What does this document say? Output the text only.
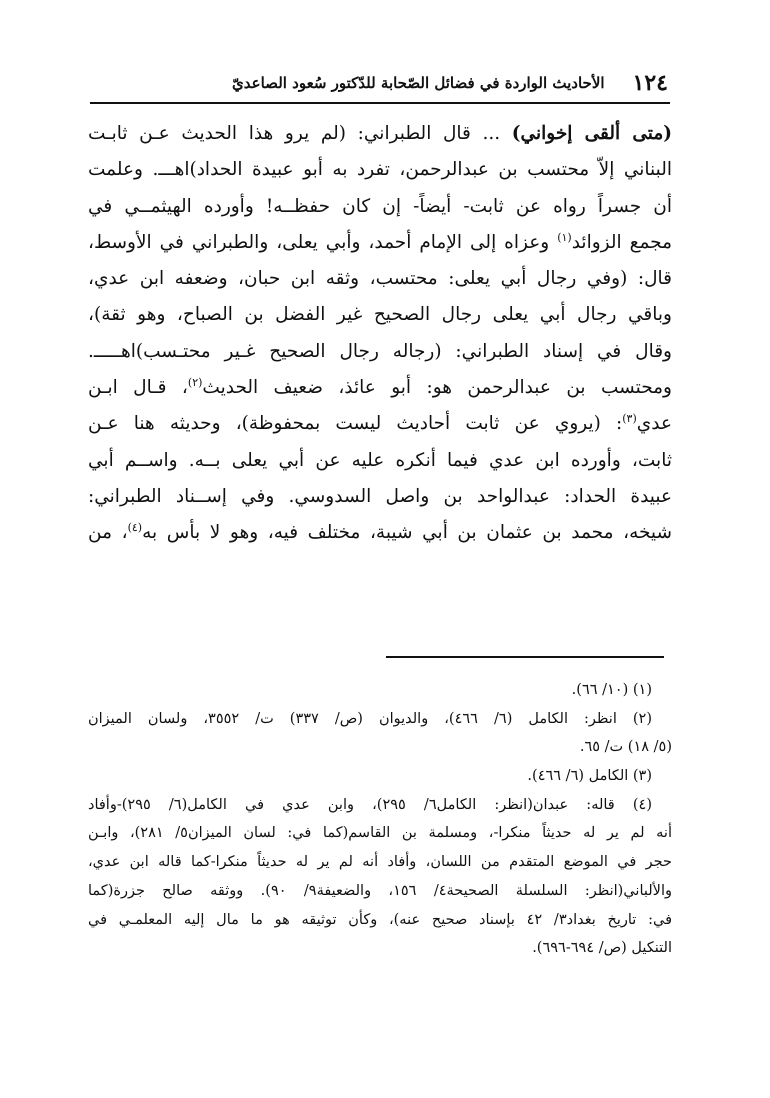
١٢٤
الأحاديث الواردة في فضائل الصّحابة للدّكتور سُعود الصاعديّ
(متى ألقى إخواني) ... قال الطبراني: (لم يرو هذا الحديث عـن ثابـت
البناني إلاّ محتسب بن عبدالرحمن، تفرد به أبو عبيدة الحداد)اهـــ. وعلمت
أن جسراً رواه عن ثابت- أيضاً- إن كان حفظــه! وأورده الهيثمــي في
مجمع الزوائد$^{(١)}$ وعزاه إلى الإمام أحمد، وأبي يعلى، والطبراني في الأوسط،
قال: (وفي رجال أبي يعلى: محتسب، وثقه ابن حبان، وضعفه ابن عدي،
وباقي رجال أبي يعلى رجال الصحيح غير الفضل بن الصباح، وهو ثقة)،
وقال في إسناد الطبراني: (رجاله رجال الصحيح غـير محتـسب)اهـــــ.
ومحتسب بن عبدالرحمن هو: أبو عائذ، ضعيف الحديث$^{(٢)}$، قـال ابـن
عدي$^{(٣)}$: (يروي عن ثابت أحاديث ليست بمحفوظة)، وحديثه هنا عـن
ثابت، وأورده ابن عدي فيما أنكره عليه عن أبي يعلى بــه. واســم أبي
عبيدة الحداد: عبدالواحد بن واصل السدوسي. وفي إســناد الطبراني:
شيخه، محمد بن عثمان بن أبي شيبة، مختلف فيه، وهو لا بأس به$^{(٤)}$، من
(١) (١٠/ ٦٦).
(٢) انظر: الكامل (٦/ ٤٦٦)، والديوان (ص/ ٣٣٧) ت/ ٣٥٥٢، ولسان الميزان
(٥/ ١٨) ت/ ٦٥.
(٣) الكامل (٦/ ٤٦٦).
(٤) قاله: عبدان(انظر: الكامل٦/ ٢٩٥)، وابن عدي في الكامل(٦/ ٢٩٥)-وأفاد
أنه لم ير له حديثاً منكرا-، ومسلمة بن القاسم(كما في: لسان الميزان٥/ ٢٨١)، وابـن
حجر في الموضع المتقدم من اللسان، وأفاد أنه لم ير له حديثاً منكرا-كما قاله ابن عدي،
والألباني(انظر: السلسلة الصحيحة٤/ ١٥٦، والضعيفة٩/ ٩٠). ووثقه صالح جزرة(كما
في: تاريخ بغداد٣/ ٤٢ بإسناد صحيح عنه)، وكأن توثيقه هو ما مال إليه المعلمـي في
التنكيل (ص/ ٦٩٤-٦٩٦).
